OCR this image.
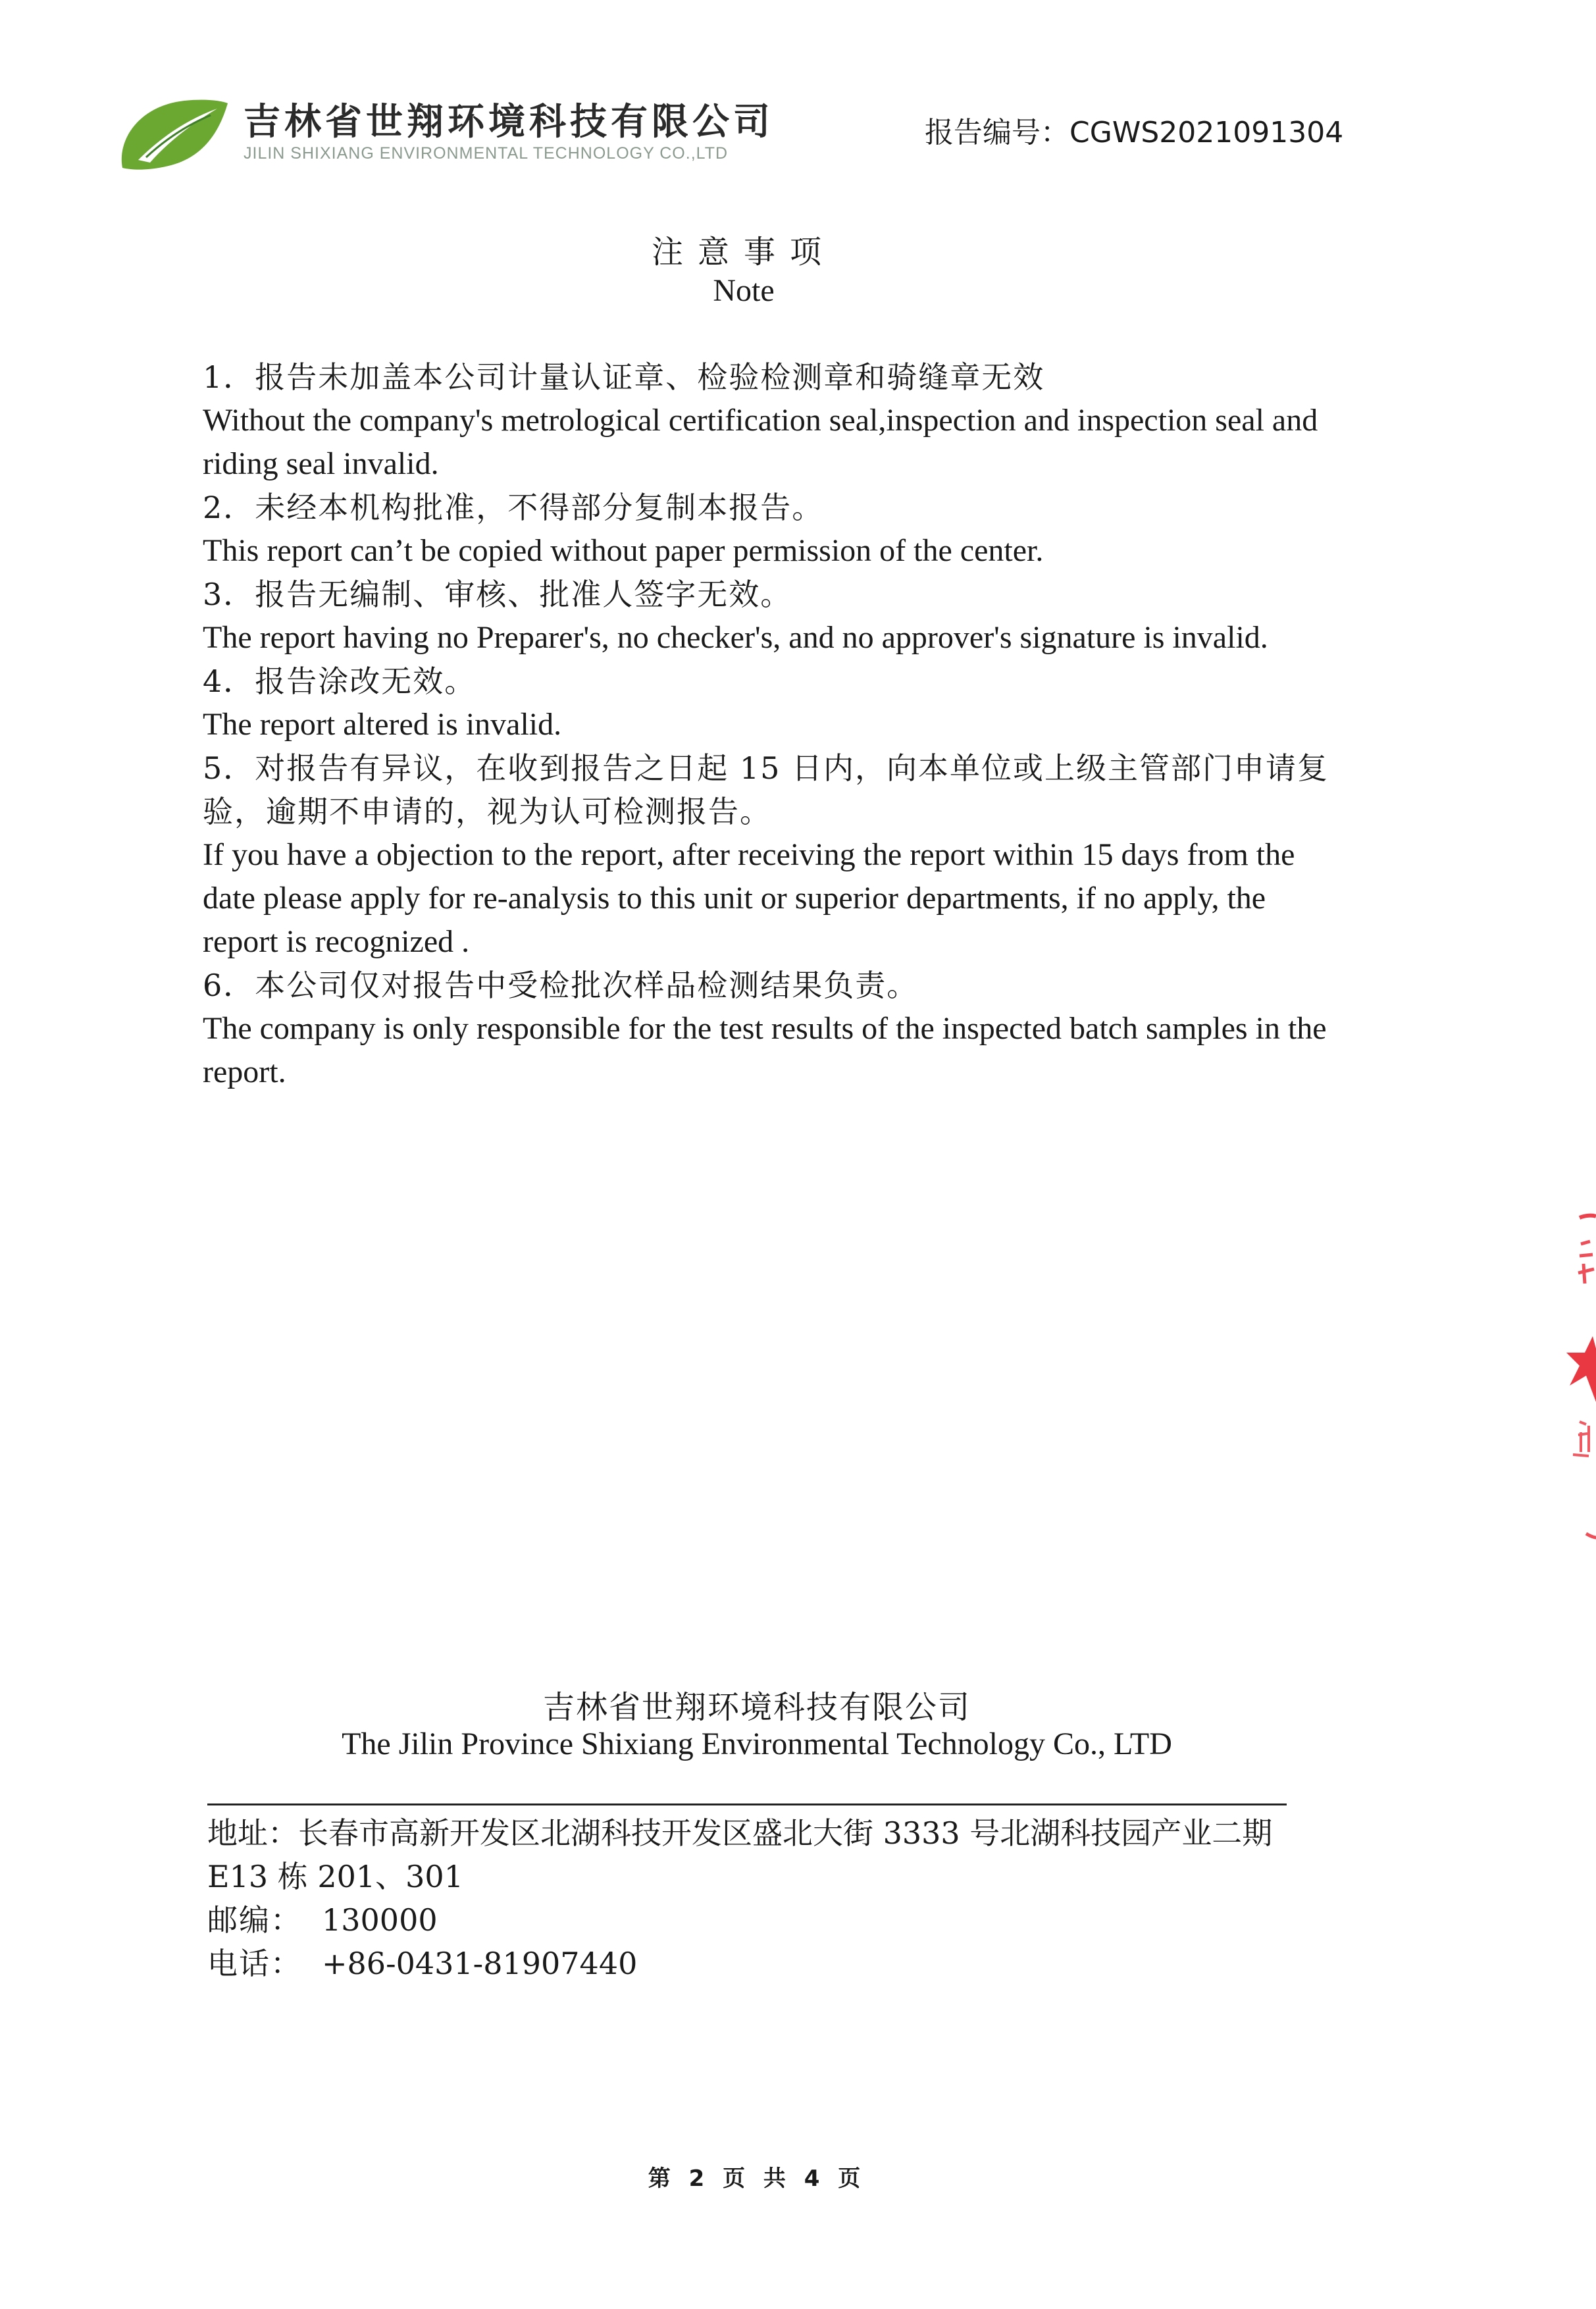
吉林省世翔环境科技有限公司
JILIN SHIXIANG ENVIRONMENTAL TECHNOLOGY CO.,LTD
报告编号：CGWS2021091304
注意事项
Note

1．报告未加盖本公司计量认证章、检验检测章和骑缝章无效

Without the company's metrological certification seal,inspection and inspection seal and riding seal invalid.

2．未经本机构批准，不得部分复制本报告。

This report can’t be copied without paper permission of the center.

3．报告无编制、审核、批准人签字无效。

The report having no Preparer's, no checker's, and no approver's signature is invalid.

4．报告涂改无效。

The report altered is invalid.

5．对报告有异议，在收到报告之日起 15 日内，向本单位或上级主管部门申请复验，逾期不申请的，视为认可检测报告。

If you have a objection to the report, after receiving the report within 15 days from the date please apply for re-analysis to this unit or superior departments, if no apply, the report is recognized .

6．本公司仅对报告中受检批次样品检测结果负责。

The company is only responsible for the test results of the inspected batch samples in the report.

吉林省世翔环境科技有限公司
The Jilin Province Shixiang Environmental Technology Co., LTD

地址：长春市高新开发区北湖科技开发区盛北大街 3333 号北湖科技园产业二期

E13 栋 201、301

邮编： 130000

电话： +86-0431-81907440

第 2 页 共 4 页
